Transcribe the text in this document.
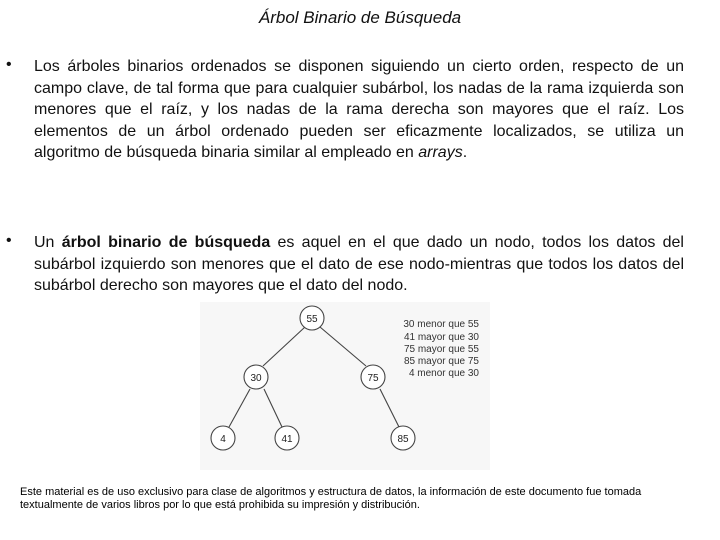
Árbol Binario de Búsqueda
• Los árboles binarios ordenados se disponen siguiendo un cierto orden, respecto de un campo clave, de tal forma que para cualquier subárbol, los nadas de la rama izquierda son menores que el raíz, y los nadas de la rama derecha son mayores que el raíz. Los elementos de un árbol ordenado pueden ser eficazmente localizados, se utiliza un algoritmo de búsqueda binaria similar al empleado en arrays.
• Un árbol binario de búsqueda es aquel en el que dado un nodo, todos los datos del subárbol izquierdo son menores que el dato de ese nodo-mientras que todos los datos del subárbol derecho son mayores que el dato del nodo.
55
30	75
4	41	85
30 menor que 55
41 mayor que 30
75 mayor que 55
85 mayor que 75
4 menor que 30
Este material es de uso exclusivo para clase de algoritmos y estructura de datos, la información de este documento fue tomada textualmente de varios libros por lo que está prohibida su impresión y distribución.
